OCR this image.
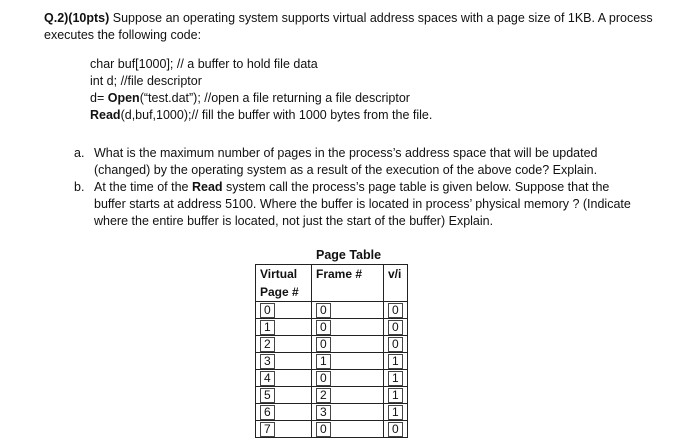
Q.2)(10pts) Suppose an operating system supports virtual address spaces with a page size of 1KB. A process executes the following code:
char buf[1000]; // a buffer to hold file data
int d; //file descriptor
d= Open(“test.dat”); //open a file returning a file descriptor
Read(d,buf,1000);// fill the buffer with 1000 bytes from the file.
a. What is the maximum number of pages in the process’s address space that will be updated (changed) by the operating system as a result of the execution of the above code? Explain.
b. At the time of the Read system call the process’s page table is given below. Suppose that the buffer starts at address 5100. Where the buffer is located in process’ physical memory ? (Indicate where the entire buffer is located, not just the start of the buffer) Explain.
Page Table
Virtual Page #	Frame #	v/i
0	0	0
1	0	0
2	0	0
3	1	1
4	0	1
5	2	1
6	3	1
7	0	0
